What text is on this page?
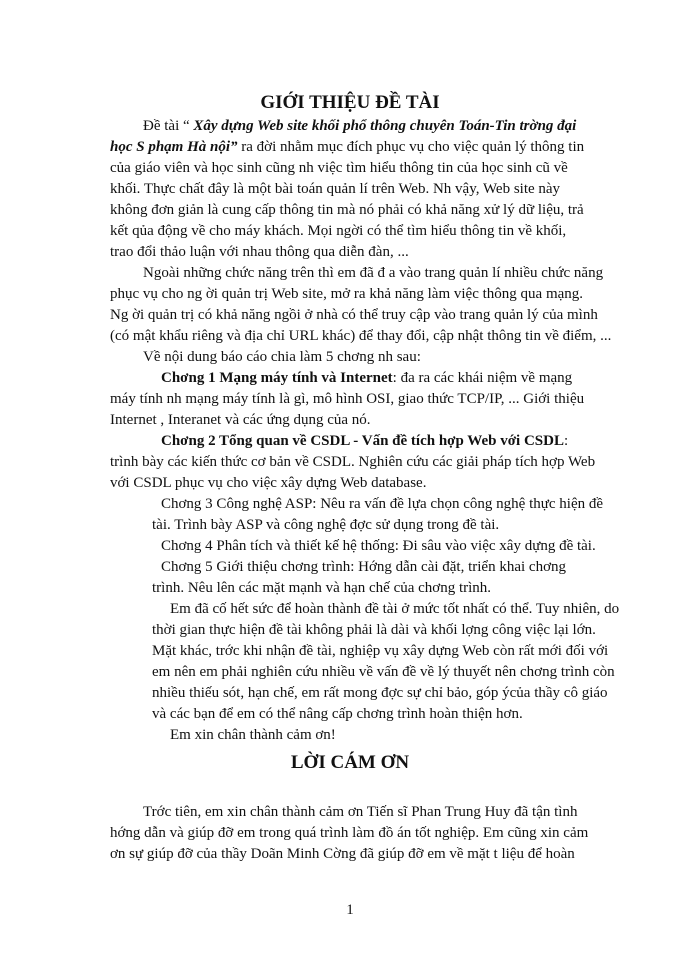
GIỚI THIỆU ĐỀ TÀI

Đề tài “ Xây dựng Web site khối phổ thông chuyên Toán-Tin trờng đại

học S phạm Hà nội” ra đời nhằm mục đích phục vụ cho việc quản lý thông tin

của giáo viên và học sinh cũng nh việc tìm hiểu thông tin của học sinh cũ về

khối. Thực chất đây là một bài toán quản lí trên Web. Nh vậy, Web site này

không đơn giản là cung cấp thông tin mà nó phải có khả năng xử lý dữ liệu, trả

kết qủa động về cho máy khách. Mọi ngời có thể tìm hiểu thông tin về khối,

trao đổi thảo luận với nhau thông qua diễn đàn, ...

Ngoài những chức năng trên thì em đã đ a vào trang quản lí nhiều chức năng

phục vụ cho ng ời quản trị Web site, mở ra khả năng làm việc thông qua mạng.

Ng ời quản trị có khả năng ngồi ở nhà có thể truy cập vào trang quản lý của mình

(có mật khẩu riêng và địa chỉ URL khác) để thay đổi, cập nhật thông tin về điểm, ...

Về nội dung báo cáo chia làm 5 chơng nh sau:

Chơng 1 Mạng máy tính và Internet: đa ra các khái niệm về mạng

máy tính nh mạng máy tính là gì, mô hình OSI, giao thức TCP/IP, ... Giới thiệu

Internet , Interanet và các ứng dụng của nó.

Chơng 2 Tổng quan về CSDL - Vấn đề tích hợp Web với CSDL:

trình bày các kiến thức cơ bản về CSDL. Nghiên cứu các giải pháp tích hợp Web

với CSDL phục vụ cho việc xây dựng Web database.

Chơng 3 Công nghệ ASP: Nêu ra vấn đề lựa chọn công nghệ thực hiện đề

tài. Trình bày ASP và công nghệ đợc sử dụng trong đề tài.

Chơng 4 Phân tích và thiết kế hệ thống: Đi sâu vào việc xây dựng đề tài.

Chơng 5 Giới thiệu chơng trình: Hớng dẫn cài đặt, triển khai chơng

trình. Nêu lên các mặt mạnh và hạn chế của chơng trình.

Em đã cố hết sức để hoàn thành đề tài ở mức tốt nhất có thể. Tuy nhiên, do

thời gian thực hiện đề tài không phải là dài và khối lợng công việc lại lớn.

Mặt khác, trớc khi nhận đề tài, nghiệp vụ xây dựng Web còn rất mới đối với

em nên em phải nghiên cứu nhiều về vấn đề về lý thuyết nên chơng trình còn

nhiều thiếu sót, hạn chế, em rất mong đợc sự chỉ bảo, góp ýcủa thầy cô giáo

và các bạn để em có thể nâng cấp chơng trình hoàn thiện hơn.

Em xin chân thành cảm ơn!

LỜI CÁM ƠN

Trớc tiên, em xin chân thành cảm ơn Tiến sĩ Phan Trung Huy đã tận tình

hớng dẫn và giúp đỡ em trong quá trình làm đồ án tốt nghiệp. Em cũng xin cảm

ơn sự giúp đỡ của thầy Doãn Minh Cờng đã giúp đỡ em về mặt t liệu để hoàn

1
